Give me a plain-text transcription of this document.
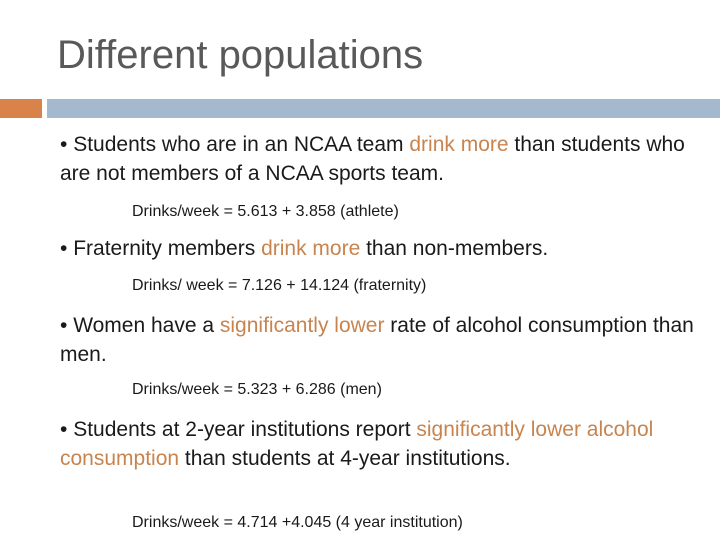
Different populations

• Students who are in an NCAA team drink more than students who are not members of a NCAA sports team.

Drinks/week = 5.613 + 3.858 (athlete)

• Fraternity members drink more than non-members.

Drinks/ week = 7.126 + 14.124 (fraternity)

• Women have a significantly lower rate of alcohol consumption than men.

Drinks/week = 5.323 + 6.286 (men)

• Students at 2-year institutions report significantly lower alcohol consumption than students at 4-year institutions.

Drinks/week = 4.714 +4.045 (4 year institution)
